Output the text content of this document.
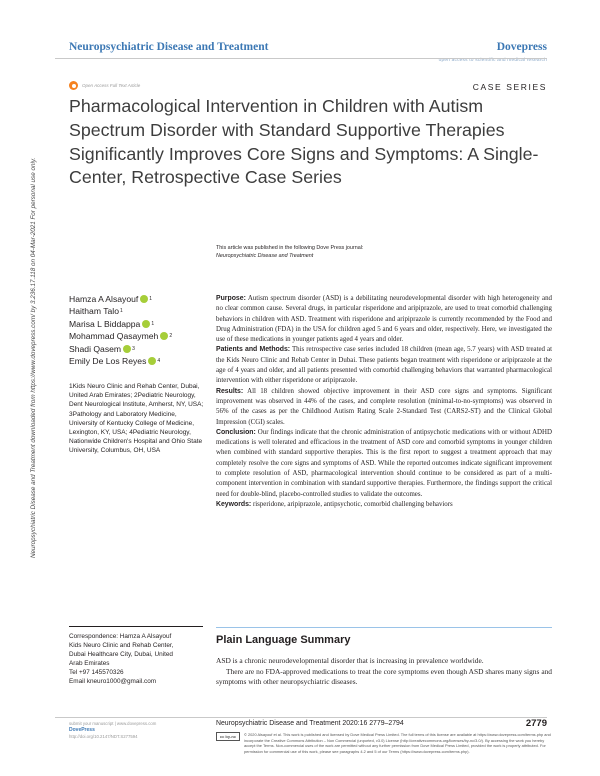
Neuropsychiatric Disease and Treatment	Dovepress
open access to scientific and medical research
Open Access Full Text Article	CASE SERIES
Pharmacological Intervention in Children with Autism Spectrum Disorder with Standard Supportive Therapies Significantly Improves Core Signs and Symptoms: A Single-Center, Retrospective Case Series
This article was published in the following Dove Press journal:
Neuropsychiatric Disease and Treatment
Neuropsychiatric Disease and Treatment downloaded from https://www.dovepress.com/ by 3.236.17.118 on 04-Mar-2021 For personal use only.	Hamza A Alsayouf 1
Haitham Talo 1
Marisa L Biddappa 1
Mohammad Qasaymeh 2
Shadi Qasem 3
Emily De Los Reyes 4
1Kids Neuro Clinic and Rehab Center, Dubai, United Arab Emirates; 2Pediatric Neurology, Dent Neurological Institute, Amherst, NY, USA; 3Pathology and Laboratory Medicine, University of Kentucky College of Medicine, Lexington, KY, USA; 4Pediatric Neurology, Nationwide Children's Hospital and Ohio State University, Columbus, OH, USA

Purpose: Autism spectrum disorder (ASD) is a debilitating neurodevelopmental disorder with high heterogeneity and no clear common cause. Several drugs, in particular risperidone and aripiprazole, are used to treat comorbid challenging behaviors in children with ASD. Treatment with risperidone and aripiprazole is currently recommended by the Food and Drug Administration (FDA) in the USA for children aged 5 and 6 years and older, respectively. Here, we investigated the use of these medications in younger patients aged 4 years and older.

Patients and Methods: This retrospective case series included 18 children (mean age, 5.7 years) with ASD treated at the Kids Neuro Clinic and Rehab Center in Dubai. These patients began treatment with risperidone or aripiprazole at the age of 4 years and older, and all patients presented with comorbid challenging behaviors that warranted pharmacological intervention with either risperidone or aripiprazole.

Results: All 18 children showed objective improvement in their ASD core signs and symptoms. Significant improvement was observed in 44% of the cases, and complete resolution (minimal-to-no-symptoms) was observed in 56% of the cases as per the Childhood Autism Rating Scale 2-Standard Test (CARS2-ST) and the Clinical Global Impression (CGI) scales.

Conclusion: Our findings indicate that the chronic administration of antipsychotic medications with or without ADHD medications is well tolerated and efficacious in the treatment of ASD core and comorbid symptoms in younger children when combined with standard supportive therapies. This is the first report to suggest a treatment approach that may completely resolve the core signs and symptoms of ASD. While the reported outcomes indicate significant improvement to complete resolution of ASD, pharmacological intervention should continue to be considered as part of a multi-component intervention in combination with standard supportive therapies. Furthermore, the findings support the critical need for double-blind, placebo-controlled studies to validate the outcomes.

Keywords: risperidone, aripiprazole, antipsychotic, comorbid challenging behaviors

Plain Language Summary

ASD is a chronic neurodevelopmental disorder that is increasing in prevalence worldwide.

There are no FDA-approved medications to treat the core symptoms even though ASD shares many signs and symptoms with other neuropsychiatric diseases.

Correspondence: Hamza A Alsayouf
Kids Neuro Clinic and Rehab Center,
Dubai Healthcare City, Dubai, United
Arab Emirates
Tel +97 145570326
Email kneuro1000@gmail.com
submit your manuscript | www.dovepress.com
DovePress
http://doi.org/10.2147/NDT.S277594
Neuropsychiatric Disease and Treatment 2020:16 2779–2794	2779
cc by-nc	© 2020 Alsayouf et al. This work is published and licensed by Dove Medical Press Limited. The full terms of this license are available at https://www.dovepress.com/terms.php and incorporate the Creative Commons Attribution – Non Commercial (unported, v3.0) License (http://creativecommons.org/licenses/by-nc/3.0/). By accessing the work you hereby accept the Terms. Non-commercial uses of the work are permitted without any further permission from Dove Medical Press Limited, provided the work is properly attributed. For permission for commercial use of this work, please see paragraphs 4.2 and 5 of our Terms (https://www.dovepress.com/terms.php).
